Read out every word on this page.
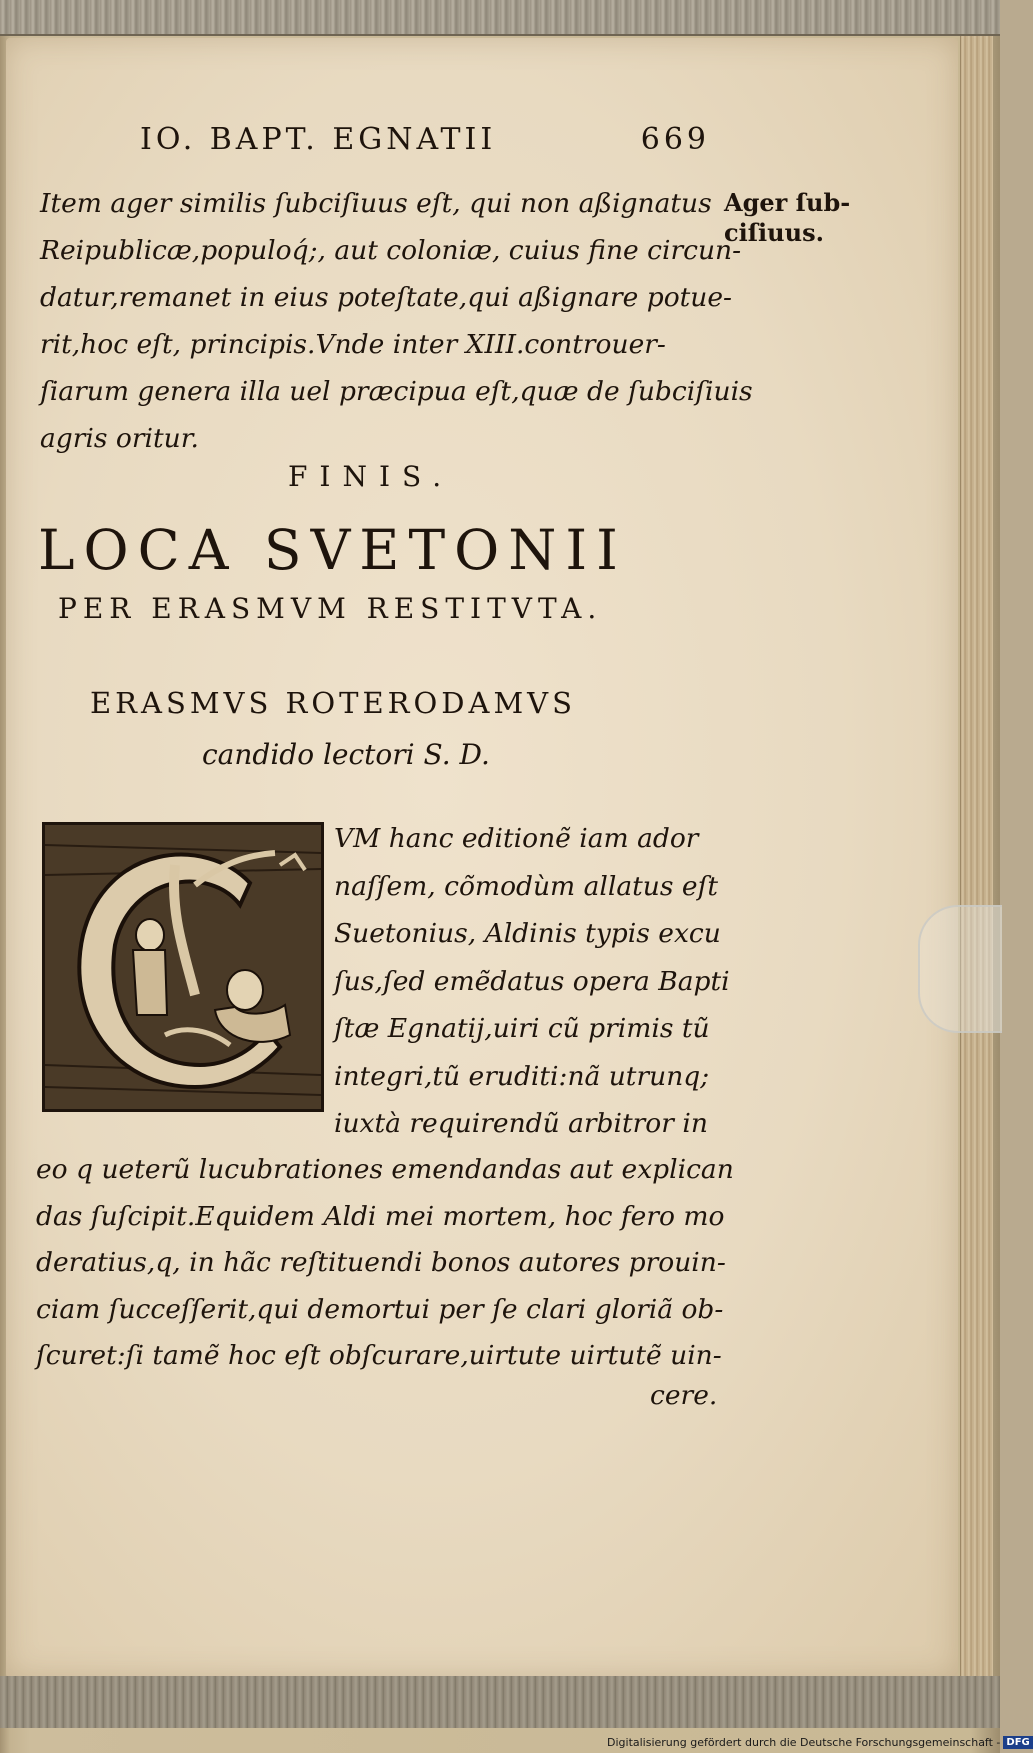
IO. BAPT. EGNATII	669
Item ager similis ſubciſiuus eſt, qui non aßignatus
Reipublicæ,populoq́;, aut coloniæ, cuius fine circun-
datur,remanet in eius poteſtate,qui aßignare potue-
rit,hoc eſt, principis.Vnde inter XIII.controuer-
ſiarum genera illa uel præcipua eſt,quæ de ſubciſiuis
agris oritur.
Ager ſub-
ciſiuus.
FINIS.
LOCA SVETONII
PER ERASMVM RESTITVTA.
ERASMVS ROTERODAMVS
candido lectori S. D.
VM hanc editionẽ iam ador
naſſem, cõmodùm allatus eſt
Suetonius, Aldinis typis excu
ſus,ſed emẽdatus opera Bapti
ſtæ Egnatij,uiri cũ primis tũ
integri,tũ eruditi:nã utrunq;
iuxtà requirendũ arbitror in
eo q ueterũ lucubrationes emendandas aut explican
das ſuſcipit.Equidem Aldi mei mortem, hoc fero mo
deratius,q, in hãc reſtituendi bonos autores prouin-
ciam ſucceſſerit,qui demortui per ſe clari gloriã ob-
ſcuret:ſi tamẽ hoc eſt obſcurare,uirtute uirtutẽ uin-
cere.
Digitalisierung gefördert durch die Deutsche Forschungsgemeinschaft - DFG
